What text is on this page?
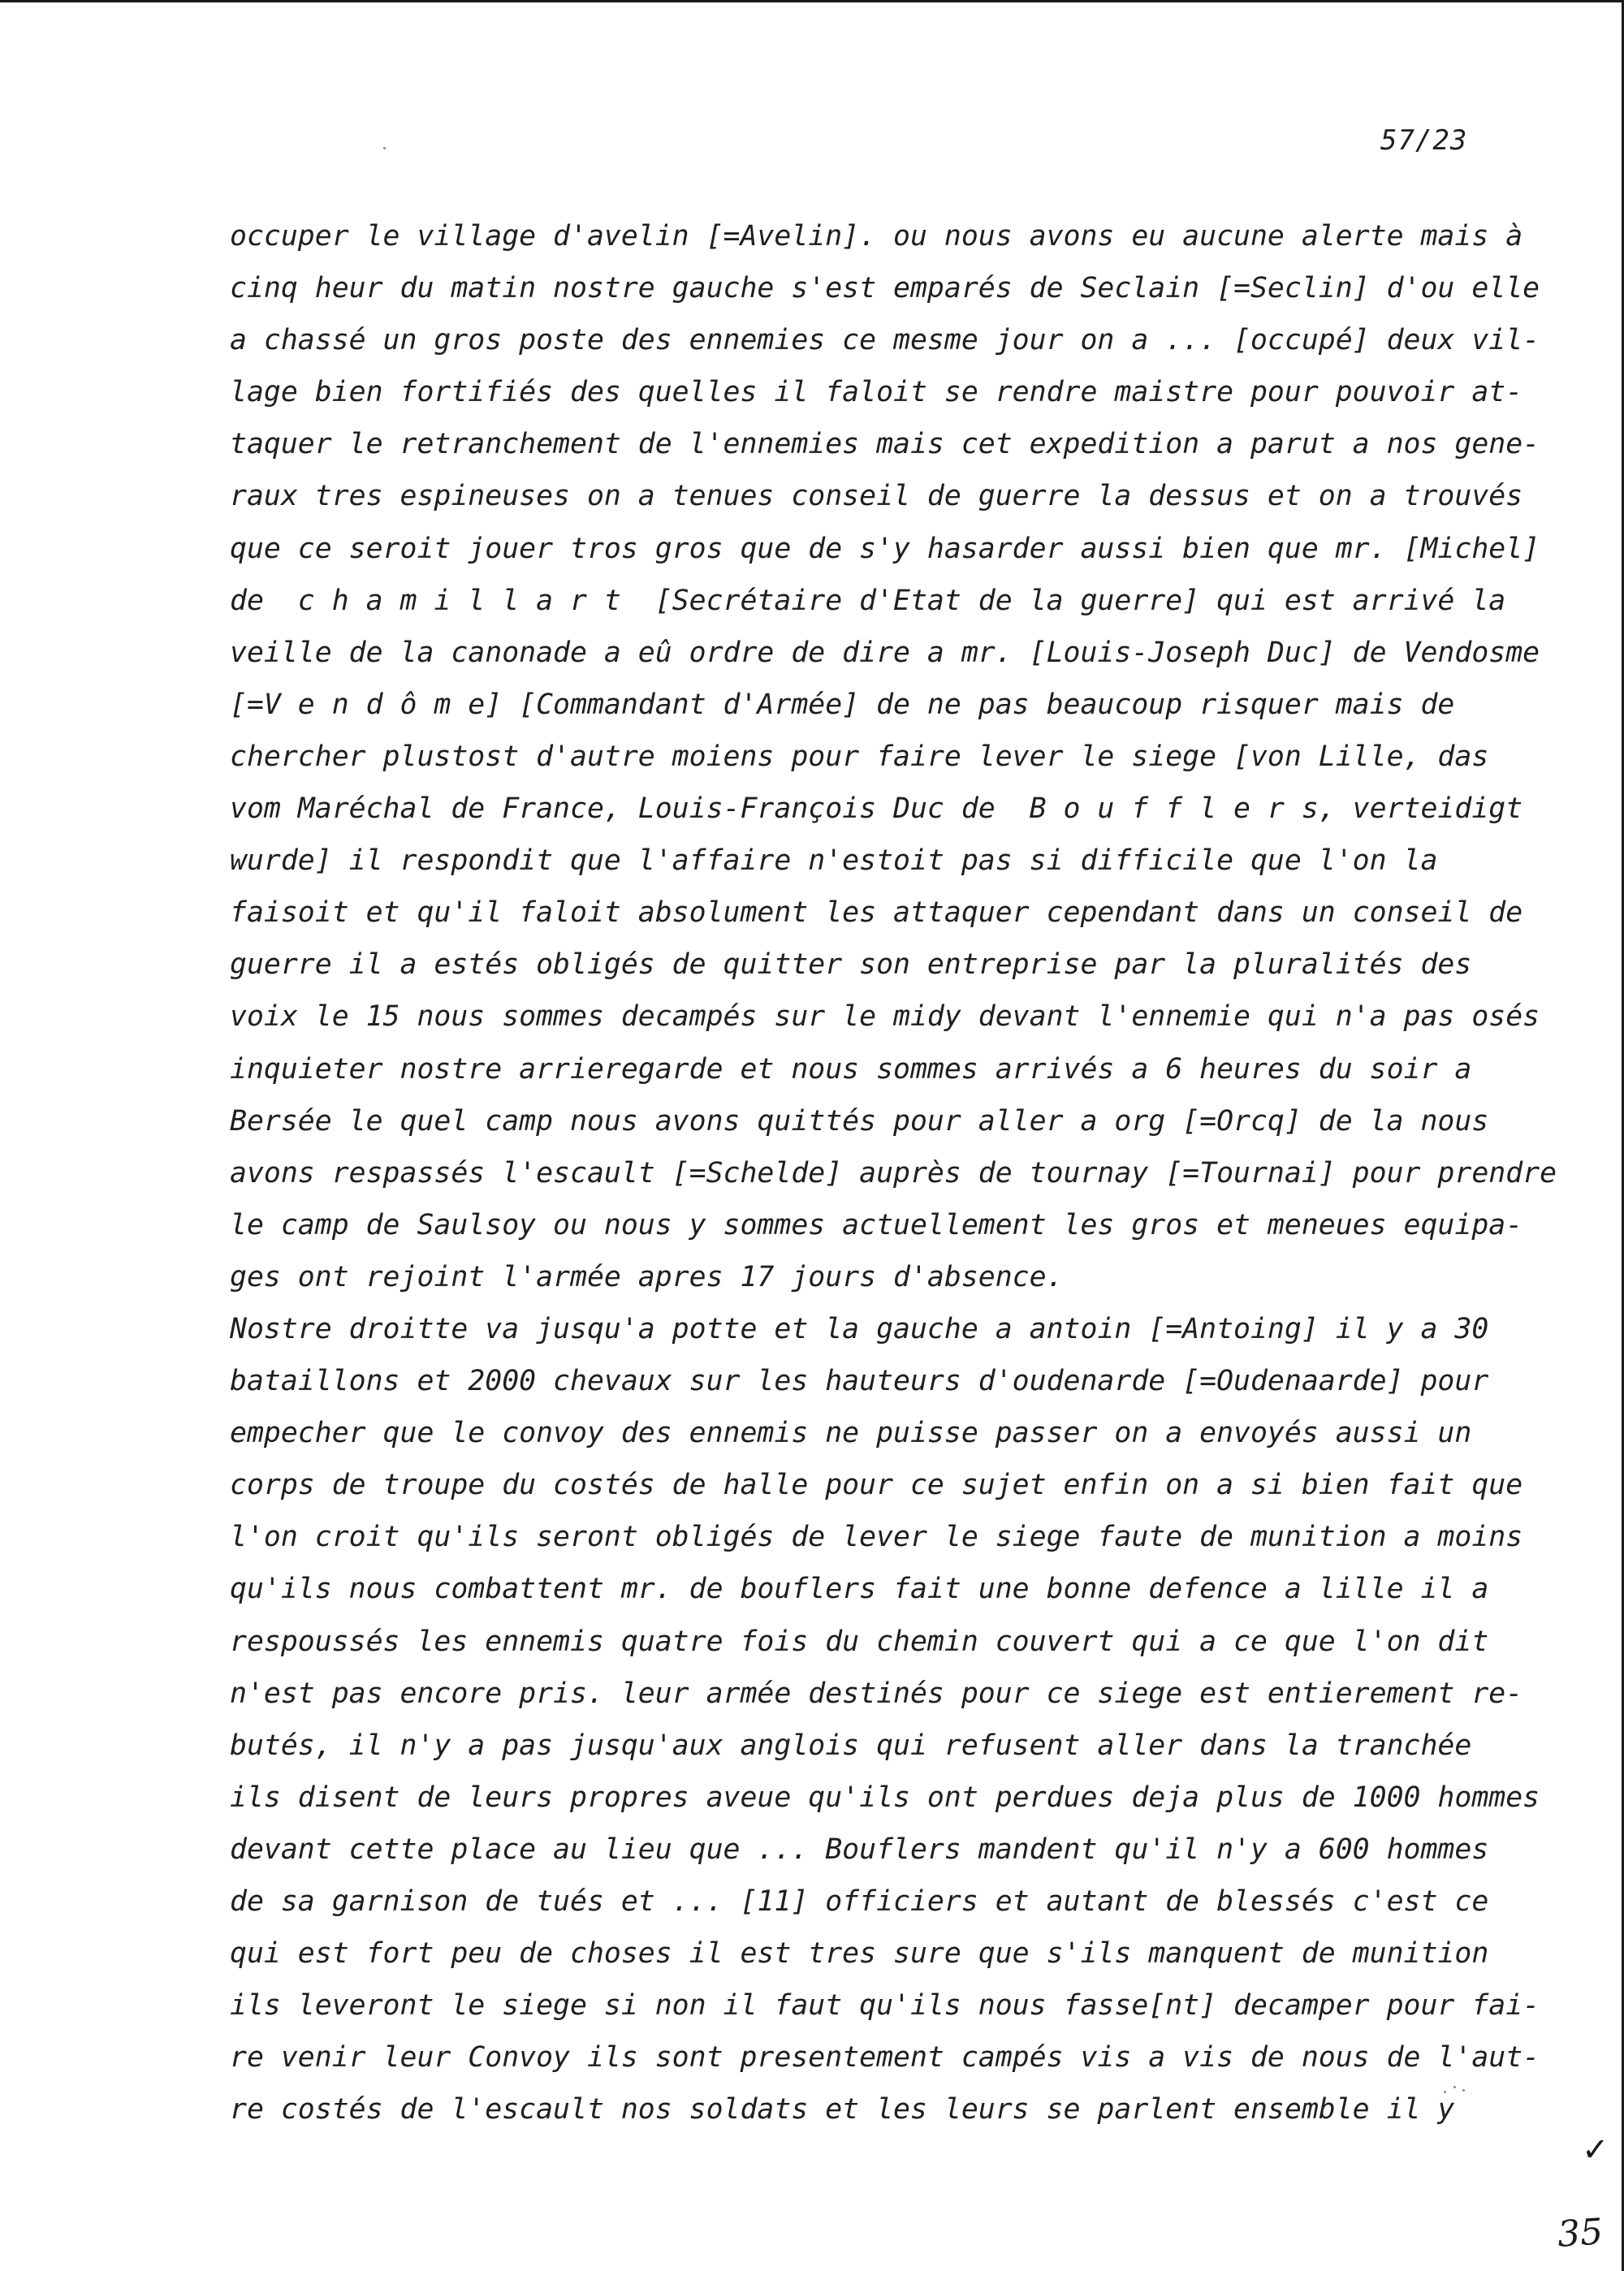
57/23
occuper le village d'avelin [=Avelin]. ou nous avons eu aucune alerte mais à
cinq heur du matin nostre gauche s'est emparés de Seclain [=Seclin] d'ou elle
a chassé un gros poste des ennemies ce mesme jour on a ... [occupé] deux vil-
lage bien fortifiés des quelles il faloit se rendre maistre pour pouvoir at-
taquer le retranchement de l'ennemies mais cet expedition a parut a nos gene-
raux tres espineuses on a tenues conseil de guerre la dessus et on a trouvés
que ce seroit jouer tros gros que de s'y hasarder aussi bien que mr. [Michel]
de  c h a m i l l a r t  [Secrétaire d'Etat de la guerre] qui est arrivé la
veille de la canonade a eû ordre de dire a mr. [Louis-Joseph Duc] de Vendosme
[=V e n d ô m e] [Commandant d'Armée] de ne pas beaucoup risquer mais de
chercher plustost d'autre moiens pour faire lever le siege [von Lille, das
vom Maréchal de France, Louis-François Duc de  B o u f f l e r s, verteidigt
wurde] il respondit que l'affaire n'estoit pas si difficile que l'on la
faisoit et qu'il faloit absolument les attaquer cependant dans un conseil de
guerre il a estés obligés de quitter son entreprise par la pluralités des
voix le 15 nous sommes decampés sur le midy devant l'ennemie qui n'a pas osés
inquieter nostre arrieregarde et nous sommes arrivés a 6 heures du soir a
Bersée le quel camp nous avons quittés pour aller a org [=Orcq] de la nous
avons respassés l'escault [=Schelde] auprès de tournay [=Tournai] pour prendre
le camp de Saulsoy ou nous y sommes actuellement les gros et meneues equipa-
ges ont rejoint l'armée apres 17 jours d'absence.
Nostre droitte va jusqu'a potte et la gauche a antoin [=Antoing] il y a 30
bataillons et 2000 chevaux sur les hauteurs d'oudenarde [=Oudenaarde] pour
empecher que le convoy des ennemis ne puisse passer on a envoyés aussi un
corps de troupe du costés de halle pour ce sujet enfin on a si bien fait que
l'on croit qu'ils seront obligés de lever le siege faute de munition a moins
qu'ils nous combattent mr. de bouflers fait une bonne defence a lille il a
respoussés les ennemis quatre fois du chemin couvert qui a ce que l'on dit
n'est pas encore pris. leur armée destinés pour ce siege est entierement re-
butés, il n'y a pas jusqu'aux anglois qui refusent aller dans la tranchée
ils disent de leurs propres aveue qu'ils ont perdues deja plus de 1000 hommes
devant cette place au lieu que ... Bouflers mandent qu'il n'y a 600 hommes
de sa garnison de tués et ... [11] officiers et autant de blessés c'est ce
qui est fort peu de choses il est tres sure que s'ils manquent de munition
ils leveront le siege si non il faut qu'ils nous fasse[nt] decamper pour fai-
re venir leur Convoy ils sont presentement campés vis a vis de nous de l'aut-
re costés de l'escault nos soldats et les leurs se parlent ensemble il y
✓
35
